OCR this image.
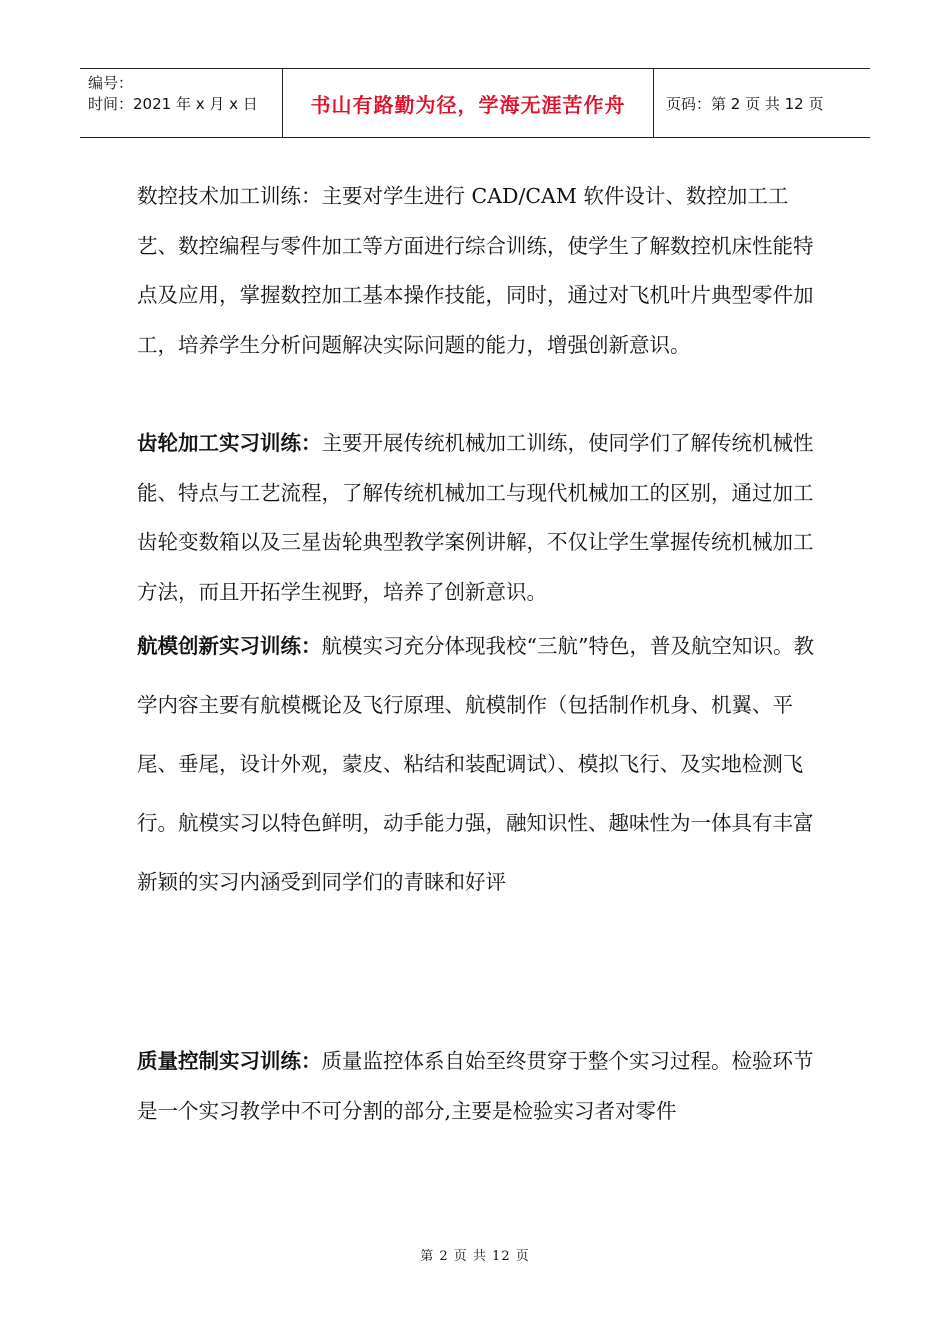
编号：
时间：2021 年 x 月 x 日	书山有路勤为径，学海无涯苦作舟	页码：第 2 页 共 12 页

数控技术加工训练：主要对学生进行 CAD/CAM 软件设计、数控加工工艺、数控编程与零件加工等方面进行综合训练，使学生了解数控机床性能特点及应用，掌握数控加工基本操作技能，同时，通过对飞机叶片典型零件加工，培养学生分析问题解决实际问题的能力，增强创新意识。

齿轮加工实习训练：主要开展传统机械加工训练，使同学们了解传统机械性能、特点与工艺流程，了解传统机械加工与现代机械加工的区别，通过加工齿轮变数箱以及三星齿轮典型教学案例讲解，不仅让学生掌握传统机械加工方法，而且开拓学生视野，培养了创新意识。

航模创新实习训练：航模实习充分体现我校“三航”特色，普及航空知识。教学内容主要有航模概论及飞行原理、航模制作（包括制作机身、机翼、平尾、垂尾，设计外观，蒙皮、粘结和装配调试）、模拟飞行、及实地检测飞行。航模实习以特色鲜明，动手能力强，融知识性、趣味性为一体具有丰富新颖的实习内涵受到同学们的青睐和好评

质量控制实习训练：质量监控体系自始至终贯穿于整个实习过程。检验环节是一个实习教学中不可分割的部分,主要是检验实习者对零件

第 2 页 共 12 页
